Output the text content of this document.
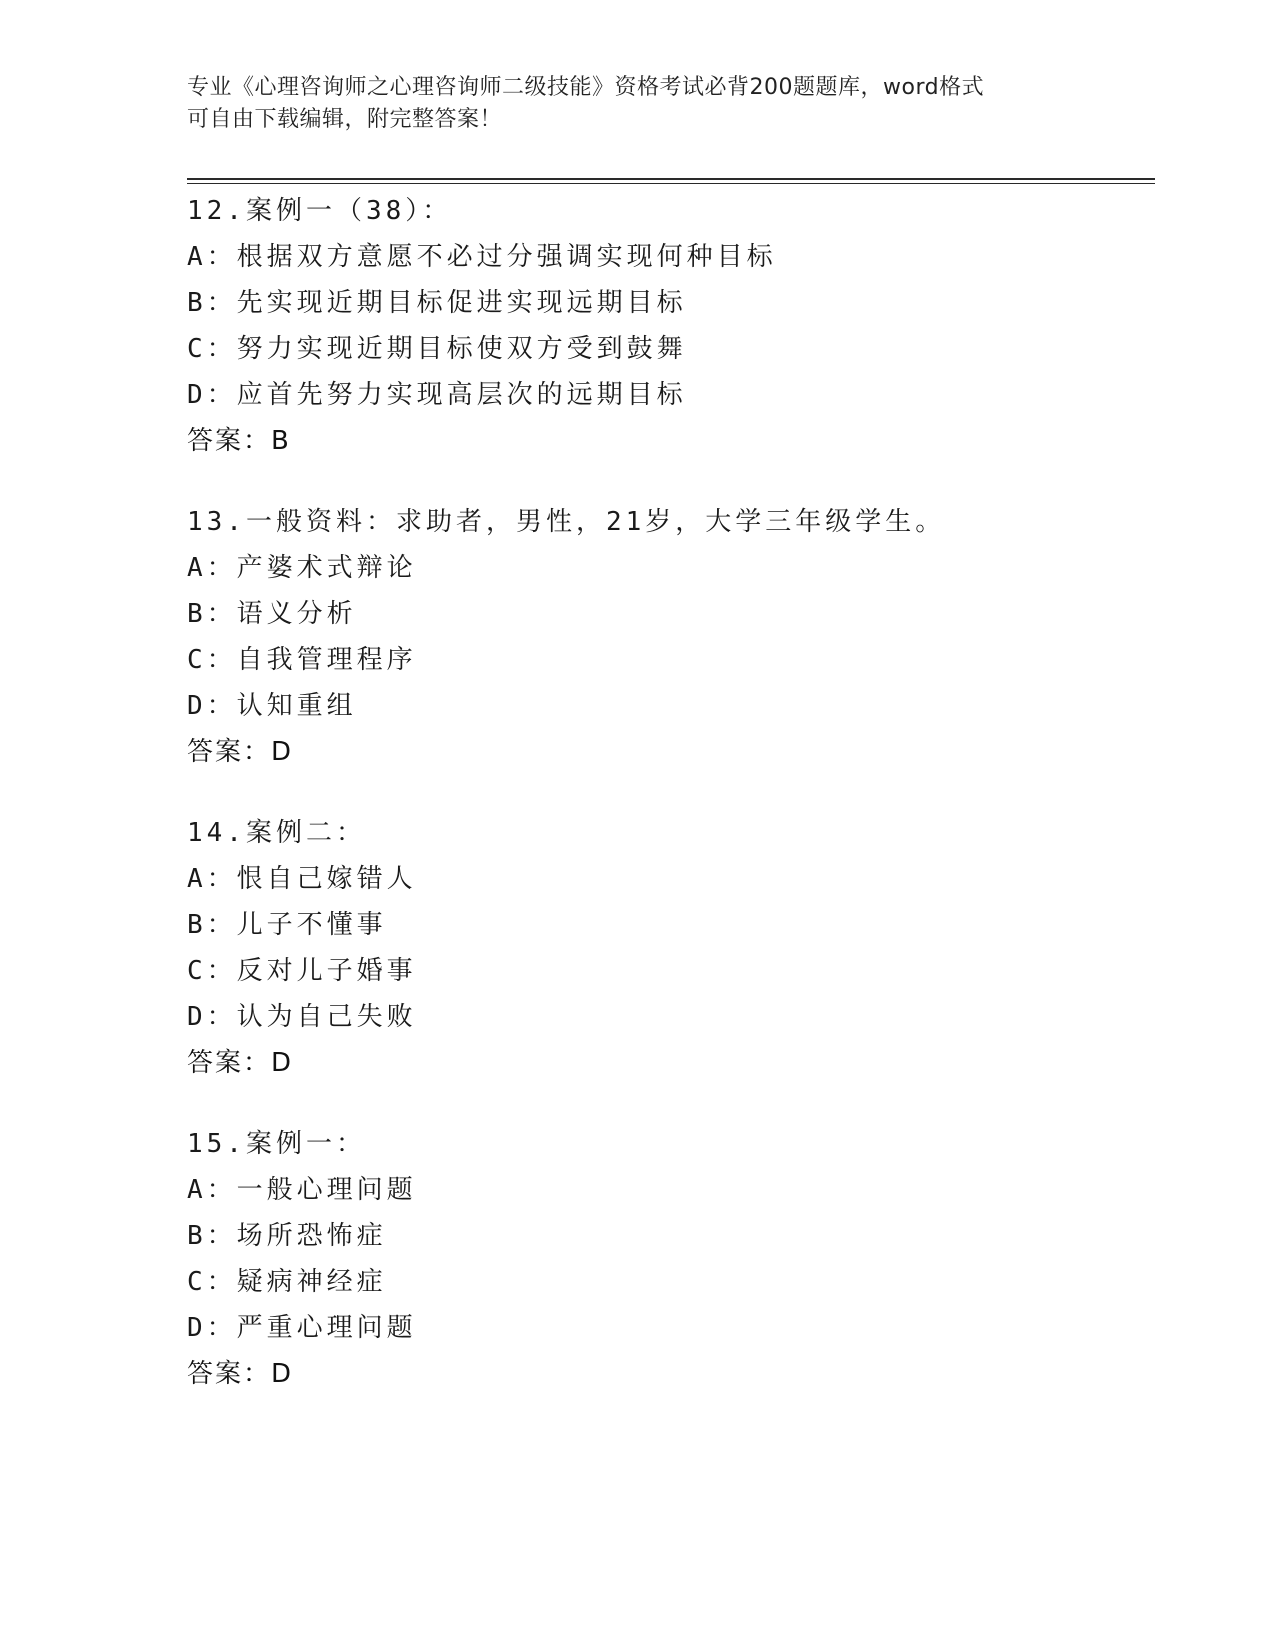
专业《心理咨询师之心理咨询师二级技能》资格考试必背200题题库，word格式
可自由下载编辑，附完整答案！
12.案例一（38）：
A：根据双方意愿不必过分强调实现何种目标
B：先实现近期目标促进实现远期目标
C：努力实现近期目标使双方受到鼓舞
D：应首先努力实现高层次的远期目标
答案：B
13.一般资料：求助者，男性，21岁，大学三年级学生。
A：产婆术式辩论
B：语义分析
C：自我管理程序
D：认知重组
答案：D
14.案例二：
A：恨自己嫁错人
B：儿子不懂事
C：反对儿子婚事
D：认为自己失败
答案：D
15.案例一：
A：一般心理问题
B：场所恐怖症
C：疑病神经症
D：严重心理问题
答案：D
